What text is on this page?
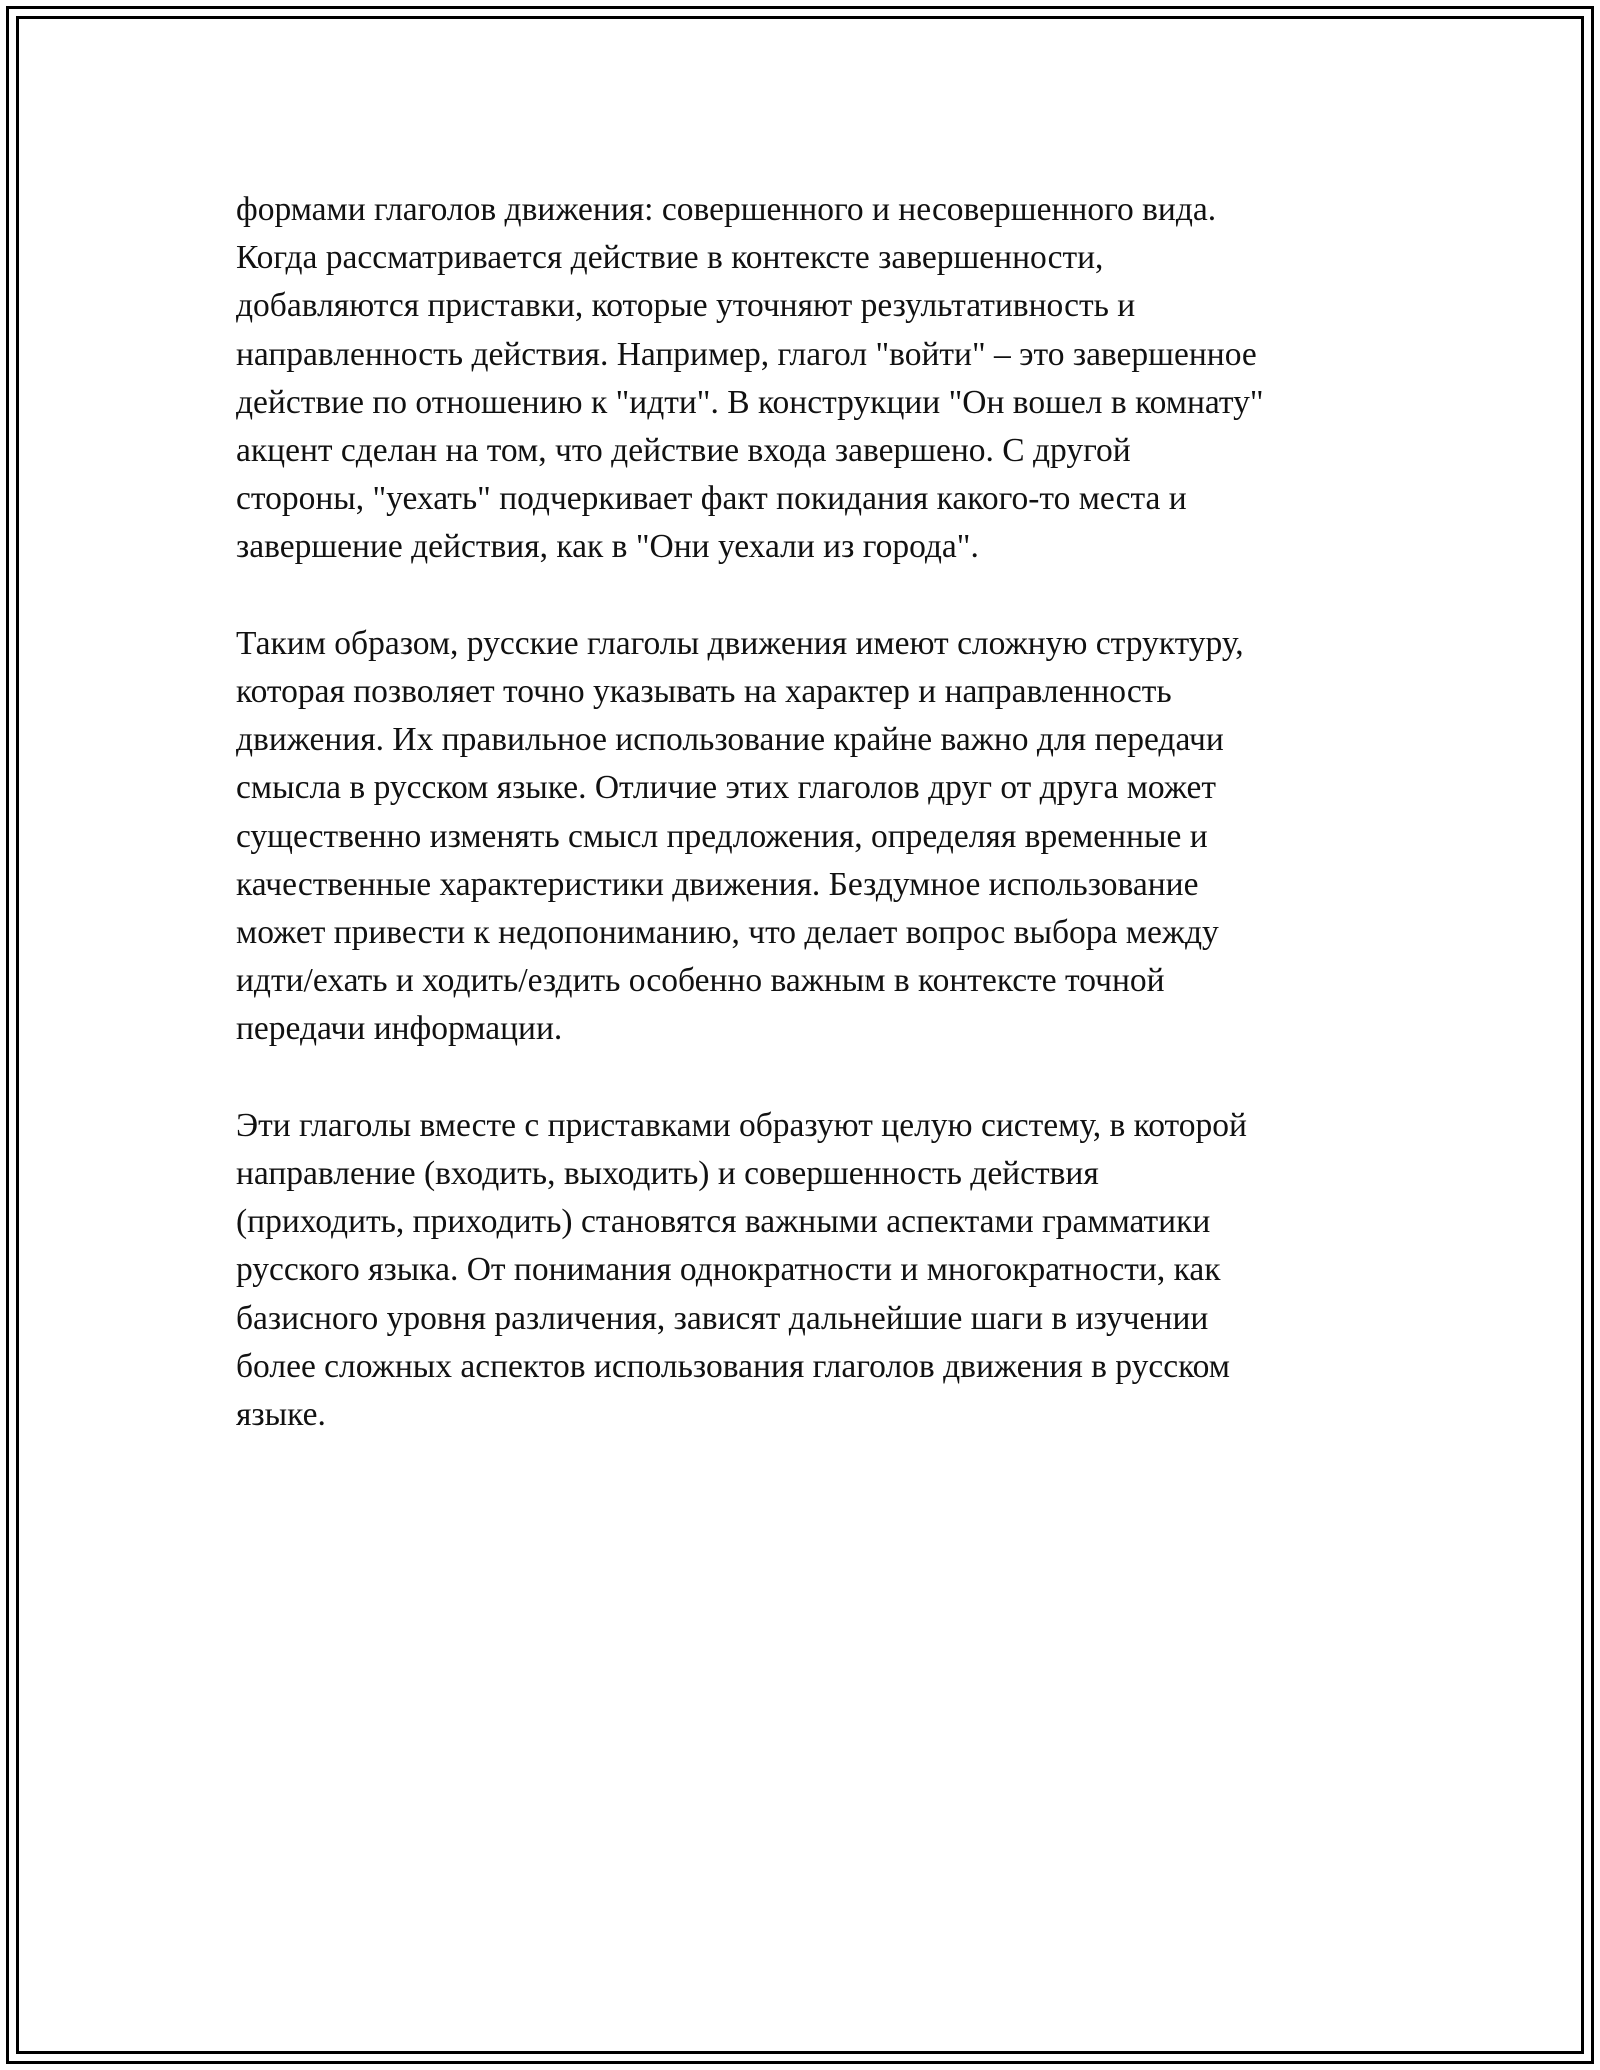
формами глаголов движения: совершенного и несовершенного вида.
Когда рассматривается действие в контексте завершенности,
добавляются приставки, которые уточняют результативность и
направленность действия. Например, глагол "войти" – это завершенное
действие по отношению к "идти". В конструкции "Он вошел в комнату"
акцент сделан на том, что действие входа завершено. С другой
стороны, "уехать" подчеркивает факт покидания какого-то места и
завершение действия, как в "Они уехали из города".

Таким образом, русские глаголы движения имеют сложную структуру,
которая позволяет точно указывать на характер и направленность
движения. Их правильное использование крайне важно для передачи
смысла в русском языке. Отличие этих глаголов друг от друга может
существенно изменять смысл предложения, определяя временные и
качественные характеристики движения. Бездумное использование
может привести к недопониманию, что делает вопрос выбора между
идти/ехать и ходить/ездить особенно важным в контексте точной
передачи информации.

Эти глаголы вместе с приставками образуют целую систему, в которой
направление (входить, выходить) и совершенность действия
(приходить, приходить) становятся важными аспектами грамматики
русского языка. От понимания однократности и многократности, как
базисного уровня различения, зависят дальнейшие шаги в изучении
более сложных аспектов использования глаголов движения в русском
языке.
